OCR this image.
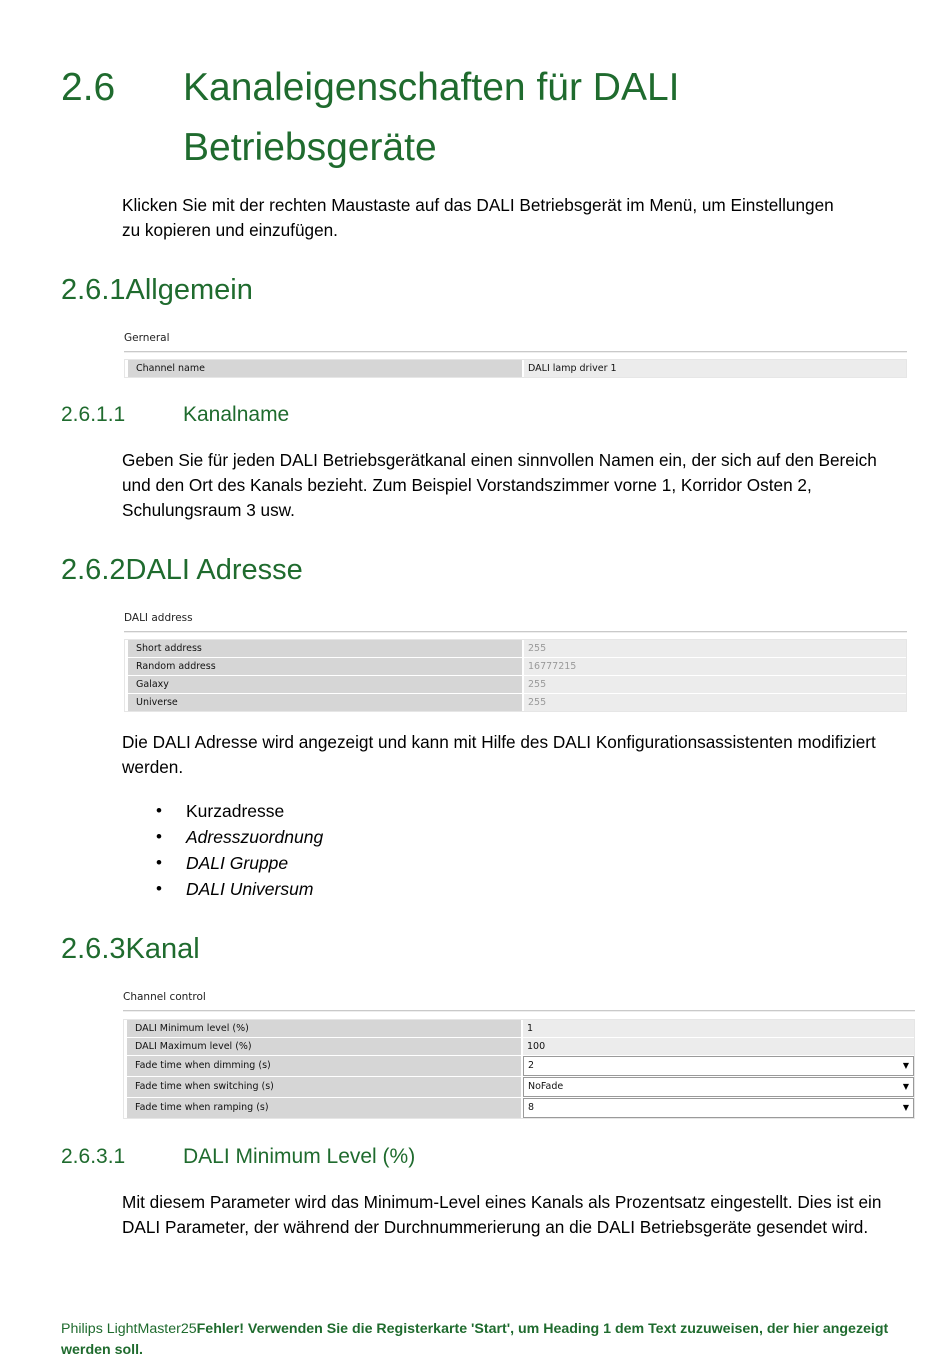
2.6 Kanaleigenschaften für DALI Betriebsgeräte
Klicken Sie mit der rechten Maustaste auf das DALI Betriebsgerät im Menü, um Einstellungen zu kopieren und einzufügen.
2.6.1Allgemein
Gerneral
Channel name	DALI lamp driver 1
2.6.1.1	Kanalname
Geben Sie für jeden DALI Betriebsgerätkanal einen sinnvollen Namen ein, der sich auf den Bereich und den Ort des Kanals bezieht. Zum Beispiel Vorstandszimmer vorne 1, Korridor Osten 2, Schulungsraum 3 usw.
2.6.2DALI Adresse
DALI address
Short address	255
Random address	16777215
Galaxy	255
Universe	255
Die DALI Adresse wird angezeigt und kann mit Hilfe des DALI Konfigurationsassistenten modifiziert werden.
• Kurzadresse
• Adresszuordnung
• DALI Gruppe
• DALI Universum
2.6.3Kanal
Channel control
DALI Minimum level (%)	1
DALI Maximum level (%)	100
Fade time when dimming (s)	2	▼
Fade time when switching (s)	NoFade	▼
Fade time when ramping (s)	8	▼
2.6.3.1	DALI Minimum Level (%)
Mit diesem Parameter wird das Minimum-Level eines Kanals als Prozentsatz eingestellt. Dies ist ein DALI Parameter, der während der Durchnummerierung an die DALI Betriebsgeräte gesendet wird.
Philips LightMaster25Fehler! Verwenden Sie die Registerkarte 'Start', um Heading 1 dem Text zuzuweisen, der hier angezeigt werden soll.
